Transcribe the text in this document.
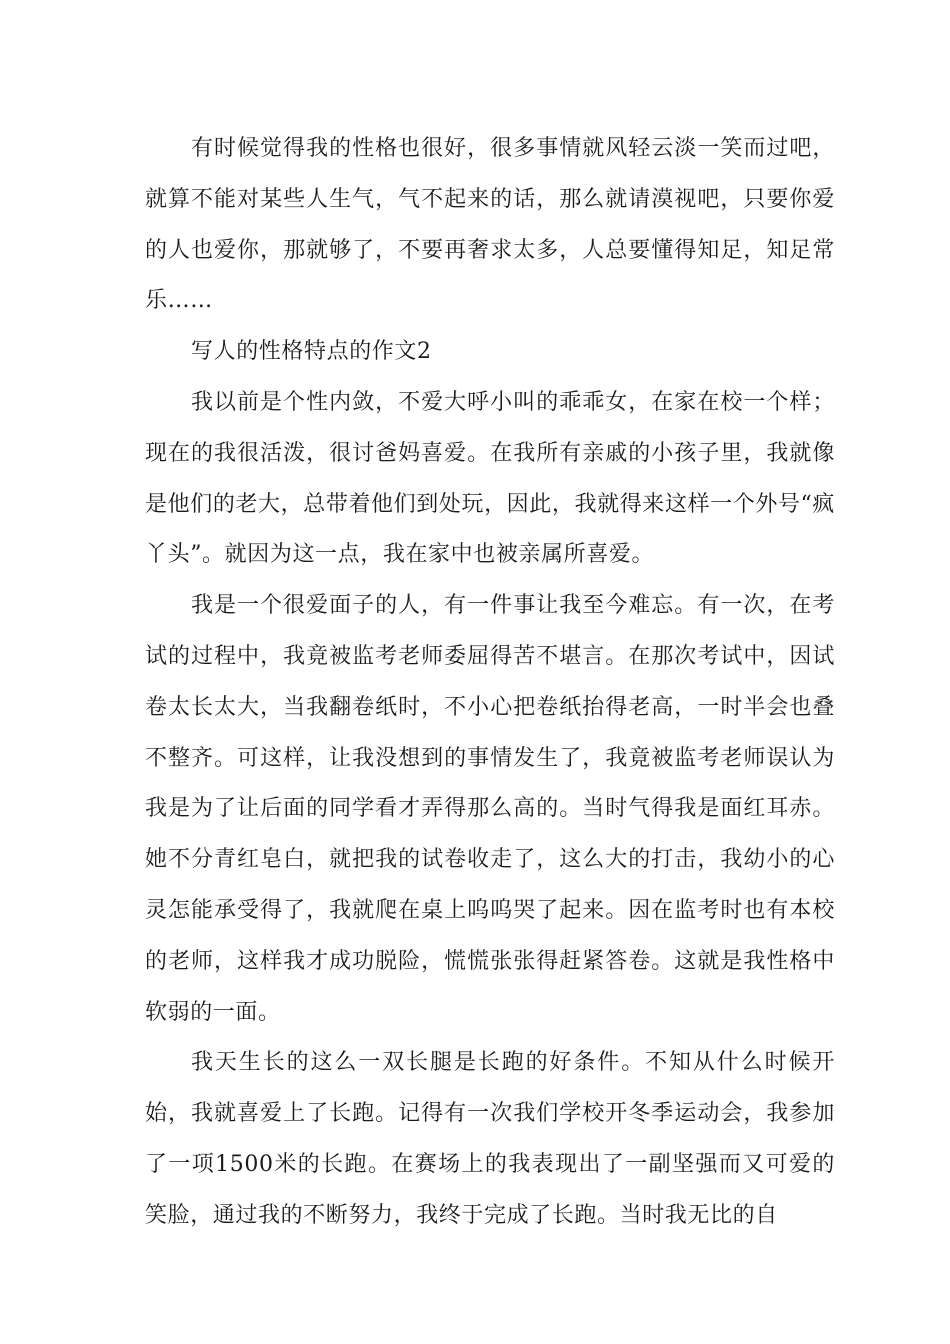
有时候觉得我的性格也很好，很多事情就风轻云淡一笑而过吧，就算不能对某些人生气，气不起来的话，那么就请漠视吧，只要你爱的人也爱你，那就够了，不要再奢求太多，人总要懂得知足，知足常乐……

写人的性格特点的作文2

我以前是个性内敛，不爱大呼小叫的乖乖女，在家在校一个样；现在的我很活泼，很讨爸妈喜爱。在我所有亲戚的小孩子里，我就像是他们的老大，总带着他们到处玩，因此，我就得来这样一个外号“疯丫头”。就因为这一点，我在家中也被亲属所喜爱。

我是一个很爱面子的人，有一件事让我至今难忘。有一次，在考试的过程中，我竟被监考老师委屈得苦不堪言。在那次考试中，因试卷太长太大，当我翻卷纸时，不小心把卷纸抬得老高，一时半会也叠不整齐。可这样，让我没想到的事情发生了，我竟被监考老师误认为我是为了让后面的同学看才弄得那么高的。当时气得我是面红耳赤。她不分青红皂白，就把我的试卷收走了，这么大的打击，我幼小的心灵怎能承受得了，我就爬在桌上呜呜哭了起来。因在监考时也有本校的老师，这样我才成功脱险，慌慌张张得赶紧答卷。这就是我性格中软弱的一面。

我天生长的这么一双长腿是长跑的好条件。不知从什么时候开始，我就喜爱上了长跑。记得有一次我们学校开冬季运动会，我参加了一项1500米的长跑。在赛场上的我表现出了一副坚强而又可爱的笑脸，通过我的不断努力，我终于完成了长跑。当时我无比的自
